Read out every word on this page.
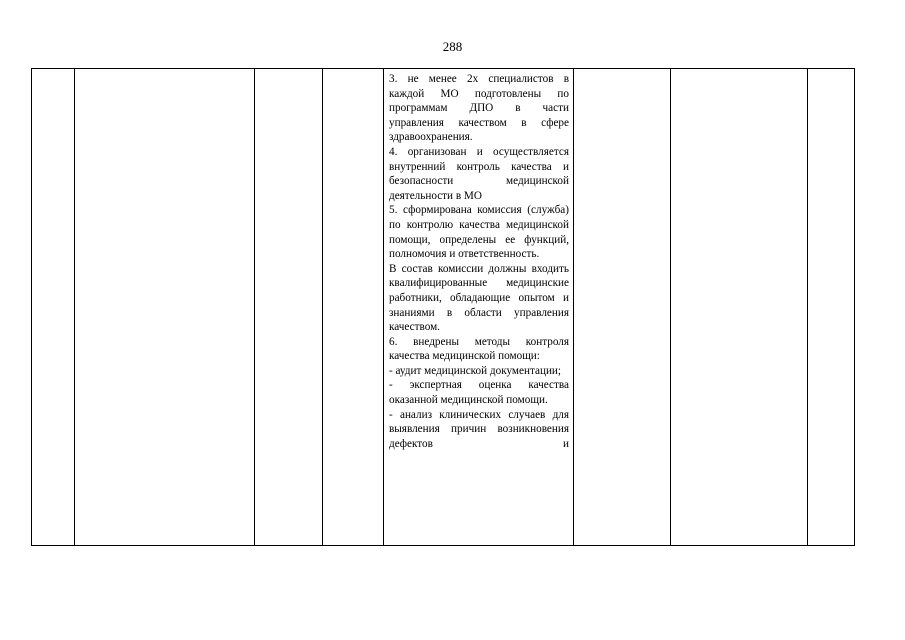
288

3. не менее 2х специалистов в каждой МО подготовлены по программам ДПО в части управления качеством в сфере здравоохранения.

4. организован и осуществляется внутренний контроль качества и безопасности медицинской деятельности в МО

5. сформирована комиссия (служба) по контролю качества медицинской помощи, определены ее функций, полномочия и ответственность.

В состав комиссии должны входить квалифицированные медицинские работники, обладающие опытом и знаниями в области управления качеством.

6. внедрены методы контроля качества медицинской помощи:

- аудит медицинской документации;

- экспертная оценка качества оказанной медицинской помощи.

- анализ клинических случаев для выявления причин возникновения дефектов и
